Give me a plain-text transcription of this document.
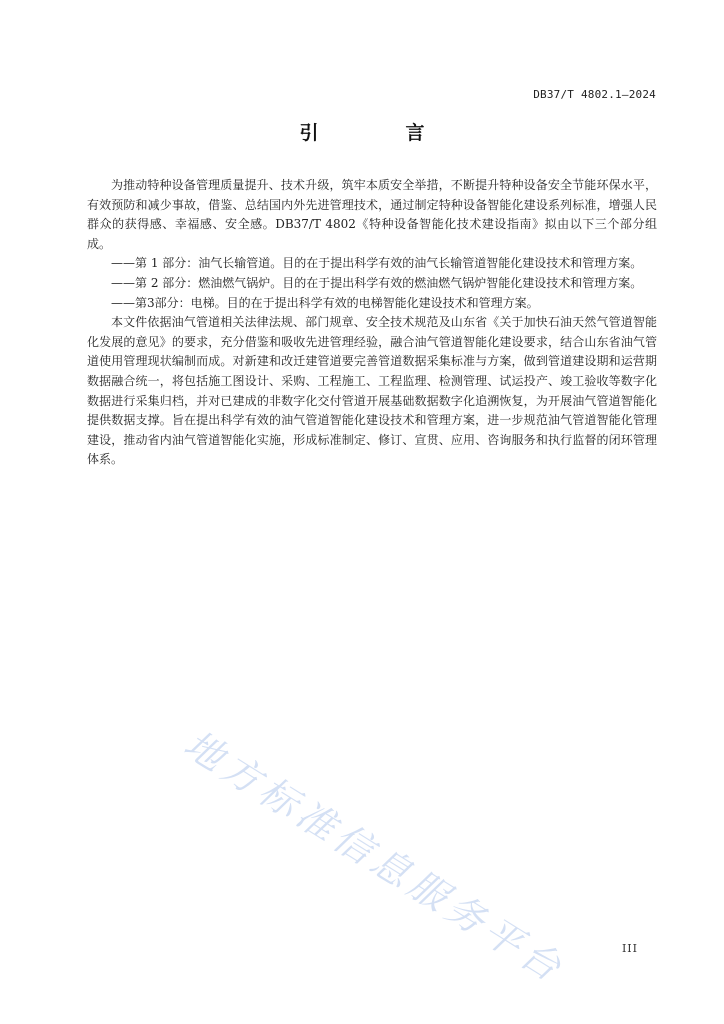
DB37/T 4802.1—2024
引　言

为推动特种设备管理质量提升、技术升级，筑牢本质安全举措，不断提升特种设备安全节能环保水平，有效预防和减少事故，借鉴、总结国内外先进管理技术，通过制定特种设备智能化建设系列标准，增强人民群众的获得感、幸福感、安全感。DB37/T 4802《特种设备智能化技术建设指南》拟由以下三个部分组成。

——第 1 部分：油气长输管道。目的在于提出科学有效的油气长输管道智能化建设技术和管理方案。

——第 2 部分：燃油燃气锅炉。目的在于提出科学有效的燃油燃气锅炉智能化建设技术和管理方案。

——第3部分：电梯。目的在于提出科学有效的电梯智能化建设技术和管理方案。

本文件依据油气管道相关法律法规、部门规章、安全技术规范及山东省《关于加快石油天然气管道智能化发展的意见》的要求，充分借鉴和吸收先进管理经验，融合油气管道智能化建设要求，结合山东省油气管道使用管理现状编制而成。对新建和改迁建管道要完善管道数据采集标准与方案，做到管道建设期和运营期数据融合统一，将包括施工图设计、采购、工程施工、工程监理、检测管理、试运投产、竣工验收等数字化数据进行采集归档，并对已建成的非数字化交付管道开展基础数据数字化追溯恢复，为开展油气管道智能化提供数据支撑。旨在提出科学有效的油气管道智能化建设技术和管理方案，进一步规范油气管道智能化管理建设，推动省内油气管道智能化实施，形成标准制定、修订、宣贯、应用、咨询服务和执行监督的闭环管理体系。

地方标准信息服务平台	III
